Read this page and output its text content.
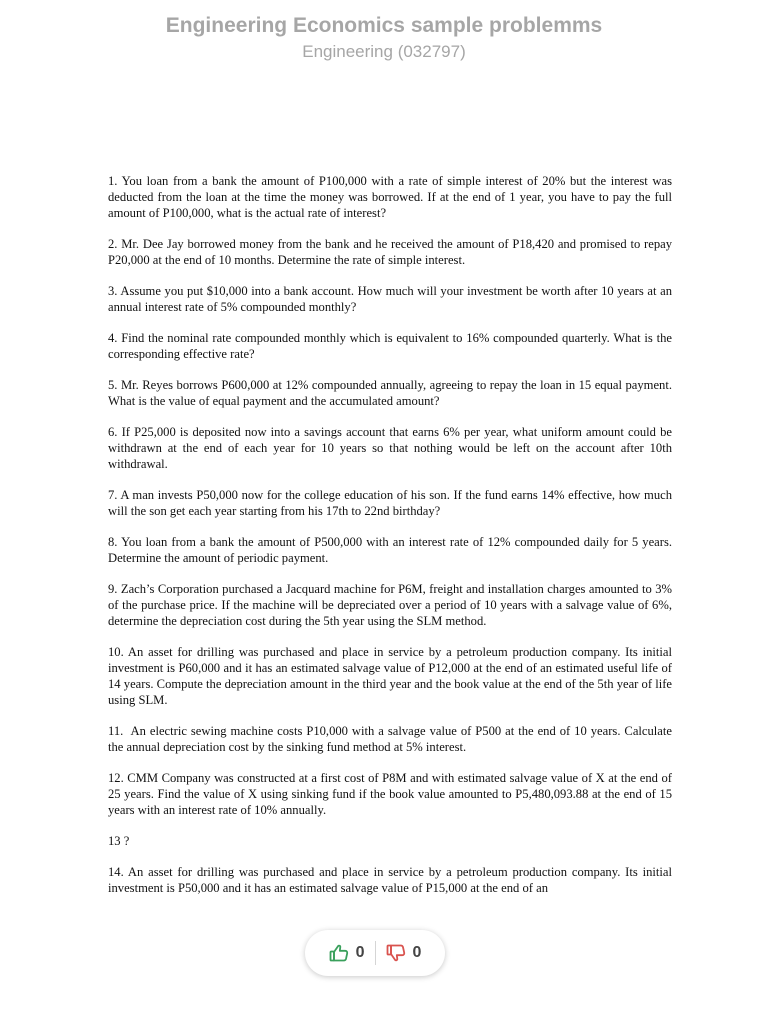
Engineering Economics sample problemms

Engineering (032797)

1. You loan from a bank the amount of P100,000 with a rate of simple interest of 20% but the interest was deducted from the loan at the time the money was borrowed. If at the end of 1 year, you have to pay the full amount of P100,000, what is the actual rate of interest?

2. Mr. Dee Jay borrowed money from the bank and he received the amount of P18,420 and promised to repay P20,000 at the end of 10 months. Determine the rate of simple interest.

3. Assume you put $10,000 into a bank account. How much will your investment be worth after 10 years at an annual interest rate of 5% compounded monthly?

4. Find the nominal rate compounded monthly which is equivalent to 16% compounded quarterly. What is the corresponding effective rate?

5. Mr. Reyes borrows P600,000 at 12% compounded annually, agreeing to repay the loan in 15 equal payment. What is the value of equal payment and the accumulated amount?

6. If P25,000 is deposited now into a savings account that earns 6% per year, what uniform amount could be withdrawn at the end of each year for 10 years so that nothing would be left on the account after 10th withdrawal.

7. A man invests P50,000 now for the college education of his son. If the fund earns 14% effective, how much will the son get each year starting from his 17th to 22nd birthday?

8. You loan from a bank the amount of P500,000 with an interest rate of 12% compounded daily for 5 years. Determine the amount of periodic payment.

9. Zach’s Corporation purchased a Jacquard machine for P6M, freight and installation charges amounted to 3% of the purchase price. If the machine will be depreciated over a period of 10 years with a salvage value of 6%, determine the depreciation cost during the 5th year using the SLM method.

10. An asset for drilling was purchased and place in service by a petroleum production company. Its initial investment is P60,000 and it has an estimated salvage value of P12,000 at the end of an estimated useful life of 14 years. Compute the depreciation amount in the third year and the book value at the end of the 5th year of life using SLM.

11.  An electric sewing machine costs P10,000 with a salvage value of P500 at the end of 10 years. Calculate the annual depreciation cost by the sinking fund method at 5% interest.

12. CMM Company was constructed at a first cost of P8M and with estimated salvage value of X at the end of 25 years. Find the value of X using sinking fund if the book value amounted to P5,480,093.88 at the end of 15 years with an interest rate of 10% annually.

13 ?

14. An asset for drilling was purchased and place in service by a petroleum production company. Its initial investment is P50,000 and it has an estimated salvage value of P15,000 at the end of an

0	0
